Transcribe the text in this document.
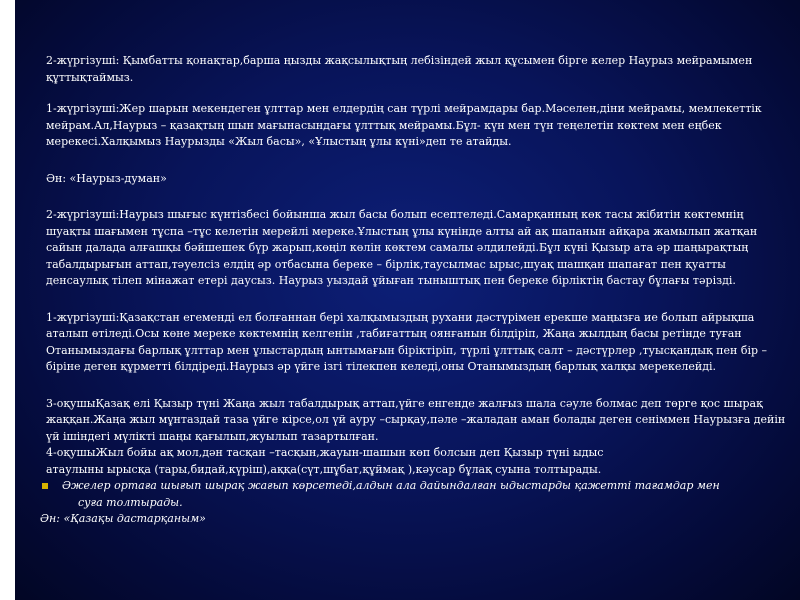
2-жүргізуші: Қымбатты қонақтар,барша ңызды жақсылықтың лебізіндей жыл құсымен бірге келер Наурыз мейрамымен құттықтаймыз.

1-жүргізуші:Жер шарын мекендеген ұлттар мен елдердің сан түрлі мейрамдары бар.Мәселен,діни мейрамы, мемлекеттік мейрам.Ал,Наурыз – қазақтың шын мағынасындағы ұлттық мейрамы.Бұл- күн мен түн теңелетін көктем мен еңбек мерекесі.Халқымыз Наурызды «Жыл басы», «Ұлыстың ұлы күні»деп те атайды.

Ән: «Наурыз-думан»

2-жүргізуші:Наурыз шығыс күнтізбесі бойынша жыл басы болып есептеледі.Самарқанның көк тасы жібитін көктемнің шуақты шағымен тұспа –тұс келетін мерейлі мереке.Ұлыстың ұлы күнінде алты ай ақ шапанын айқара жамылып жатқан сайын далада алғашқы бәйшешек бүр жарып,көңіл көлін көктем самалы әлдилейді.Бұл күні Қызыр ата әр шаңырақтың табалдырығын аттап,тәуелсіз елдің әр отбасына береке – бірлік,таусылмас ырыс,шуақ шашқан шапағат пен қуатты денсаулық тілеп мінажат етері даусыз. Наурыз уыздай ұйыған тыныштық пен береке бірліктің бастау бұлағы тәрізді.

1-жүргізуші:Қазақстан егеменді ел болғаннан бері халқымыздың рухани дәстүрімен ерекше маңызға ие болып айрықша аталып өтіледі.Осы көне мереке көктемнің келгенін ,табиғаттың оянғанын білдіріп, Жаңа жылдың басы ретінде туған Отанымыздағы барлық ұлттар мен ұлыстардың ынтымағын біріктіріп, түрлі ұлттық салт – дәстүрлер ,туысқандық пен бір –біріне деген құрметті білдіреді.Наурыз әр үйге ізгі тілекпен келеді,оны Отанымыздың барлық халқы мерекелейді.

3-оқушыҚазақ елі Қызыр түні Жаңа жыл табалдырық аттап,үйге енгенде жалғыз шала сәуле болмас деп төрге қос шырақ жаққан.Жаңа жыл мұнтаздай таза үйге кірсе,ол үй ауру –сырқау,пәле –жаладан аман болады деген сеніммен Наурызға дейін үй ішіндегі мүлікті шаңы қағылып,жуылып тазартылған.

4-оқушыЖыл бойы ақ мол,дән тасқан –тасқын,жауын-шашын көп болсын деп Қызыр түні ыдыс

атаулыны ырысқа (тары,бидай,күріш),аққа(сүт,шұбат,құймақ ),кәусар бұлақ суына толтырады.

Әжелер ортаға шығып шырақ жағып көрсетеді,алдын ала дайындалған ыдыстарды қажетті тағамдар мен

суға толтырады.

Ән: «Қазақы дастарқаным»
